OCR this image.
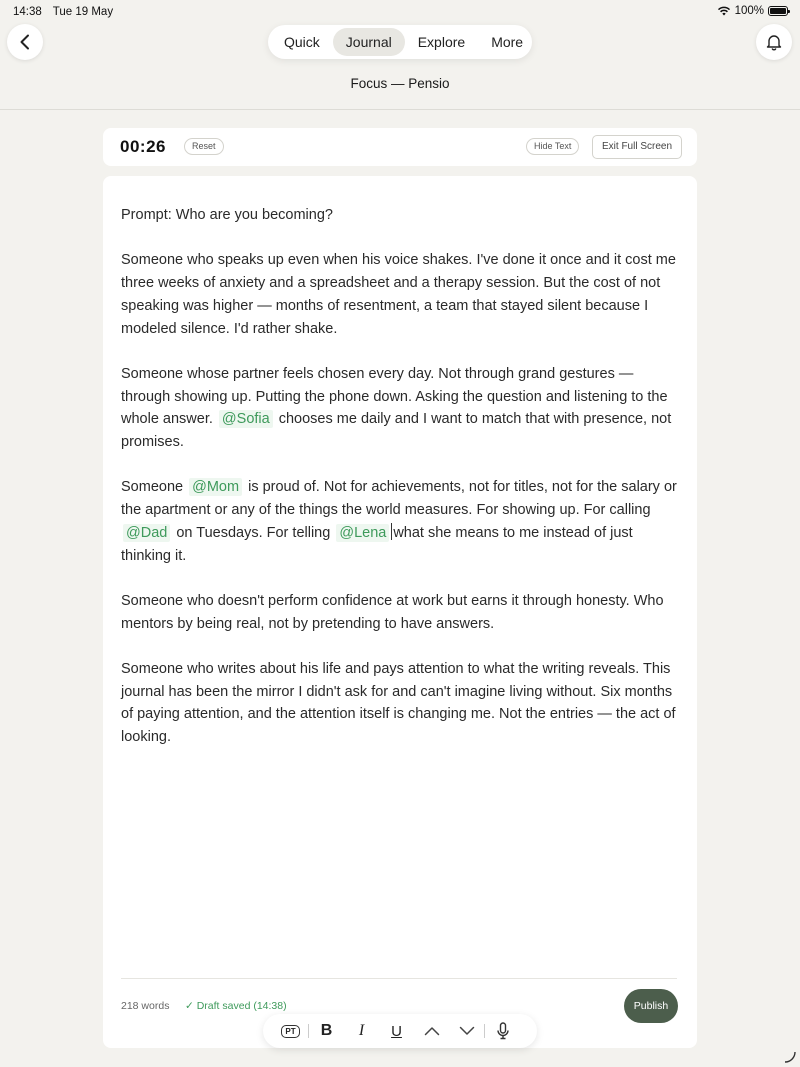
14:38 Tue 19 May	100%
Quick	Journal	Explore	More
Focus — Pensio
00:26	Reset	Hide Text	Exit Full Screen

Prompt: Who are you becoming?

Someone who speaks up even when his voice shakes. I've done it once and it cost me three weeks of anxiety and a spreadsheet and a therapy session. But the cost of not speaking was higher — months of resentment, a team that stayed silent because I modeled silence. I'd rather shake.

Someone whose partner feels chosen every day. Not through grand gestures — through showing up. Putting the phone down. Asking the question and listening to the whole answer. @Sofia chooses me daily and I want to match that with presence, not promises.

Someone @Mom is proud of. Not for achievements, not for titles, not for the salary or the apartment or any of the things the world measures. For showing up. For calling @Dad on Tuesdays. For telling @Lena what she means to me instead of just thinking it.

Someone who doesn't perform confidence at work but earns it through honesty. Who mentors by being real, not by pretending to have answers.

Someone who writes about his life and pays attention to what the writing reveals. This journal has been the mirror I didn't ask for and can't imagine living without. Six months of paying attention, and the attention itself is changing me. Not the entries — the act of looking.

218 words ✓ Draft saved (14:38)	Publish
PT B I U
